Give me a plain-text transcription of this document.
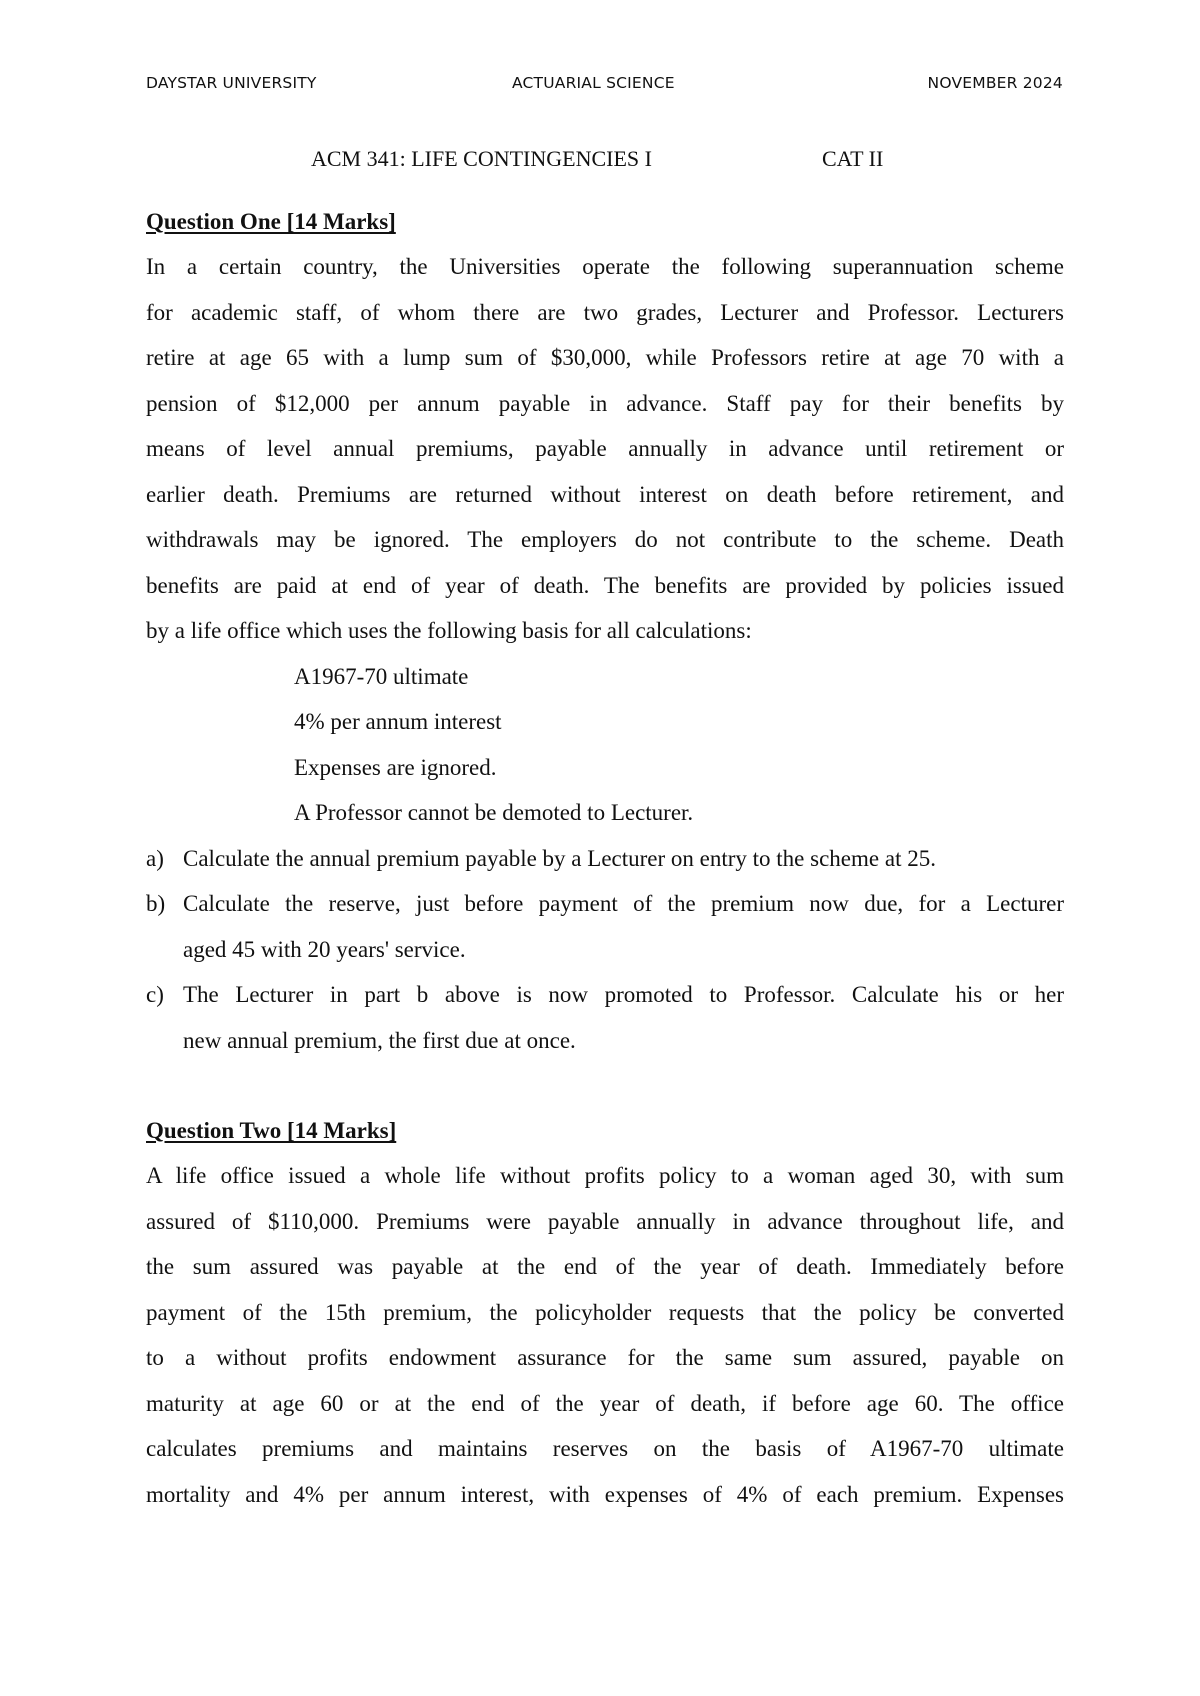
DAYSTAR UNIVERSITY	ACTUARIAL SCIENCE	NOVEMBER 2024
ACM 341: LIFE CONTINGENCIES I	CAT II
Question One [14 Marks]
In a certain country, the Universities operate the following superannuation scheme
for academic staff, of whom there are two grades, Lecturer and Professor. Lecturers
retire at age 65 with a lump sum of $30,000, while Professors retire at age 70 with a
pension of $12,000 per annum payable in advance. Staff pay for their benefits by
means of level annual premiums, payable annually in advance until retirement or
earlier death. Premiums are returned without interest on death before retirement, and
withdrawals may be ignored. The employers do not contribute to the scheme. Death
benefits are paid at end of year of death. The benefits are provided by policies issued
by a life office which uses the following basis for all calculations:
A1967-70 ultimate
4% per annum interest
Expenses are ignored.
A Professor cannot be demoted to Lecturer.
a) Calculate the annual premium payable by a Lecturer on entry to the scheme at 25.
b) Calculate the reserve, just before payment of the premium now due, for a Lecturer
aged 45 with 20 years' service.
c) The Lecturer in part b above is now promoted to Professor. Calculate his or her
new annual premium, the first due at once.
Question Two [14 Marks]
A life office issued a whole life without profits policy to a woman aged 30, with sum
assured of $110,000. Premiums were payable annually in advance throughout life, and
the sum assured was payable at the end of the year of death. Immediately before
payment of the 15th premium, the policyholder requests that the policy be converted
to a without profits endowment assurance for the same sum assured, payable on
maturity at age 60 or at the end of the year of death, if before age 60. The office
calculates premiums and maintains reserves on the basis of A1967-70 ultimate
mortality and 4% per annum interest, with expenses of 4% of each premium. Expenses
